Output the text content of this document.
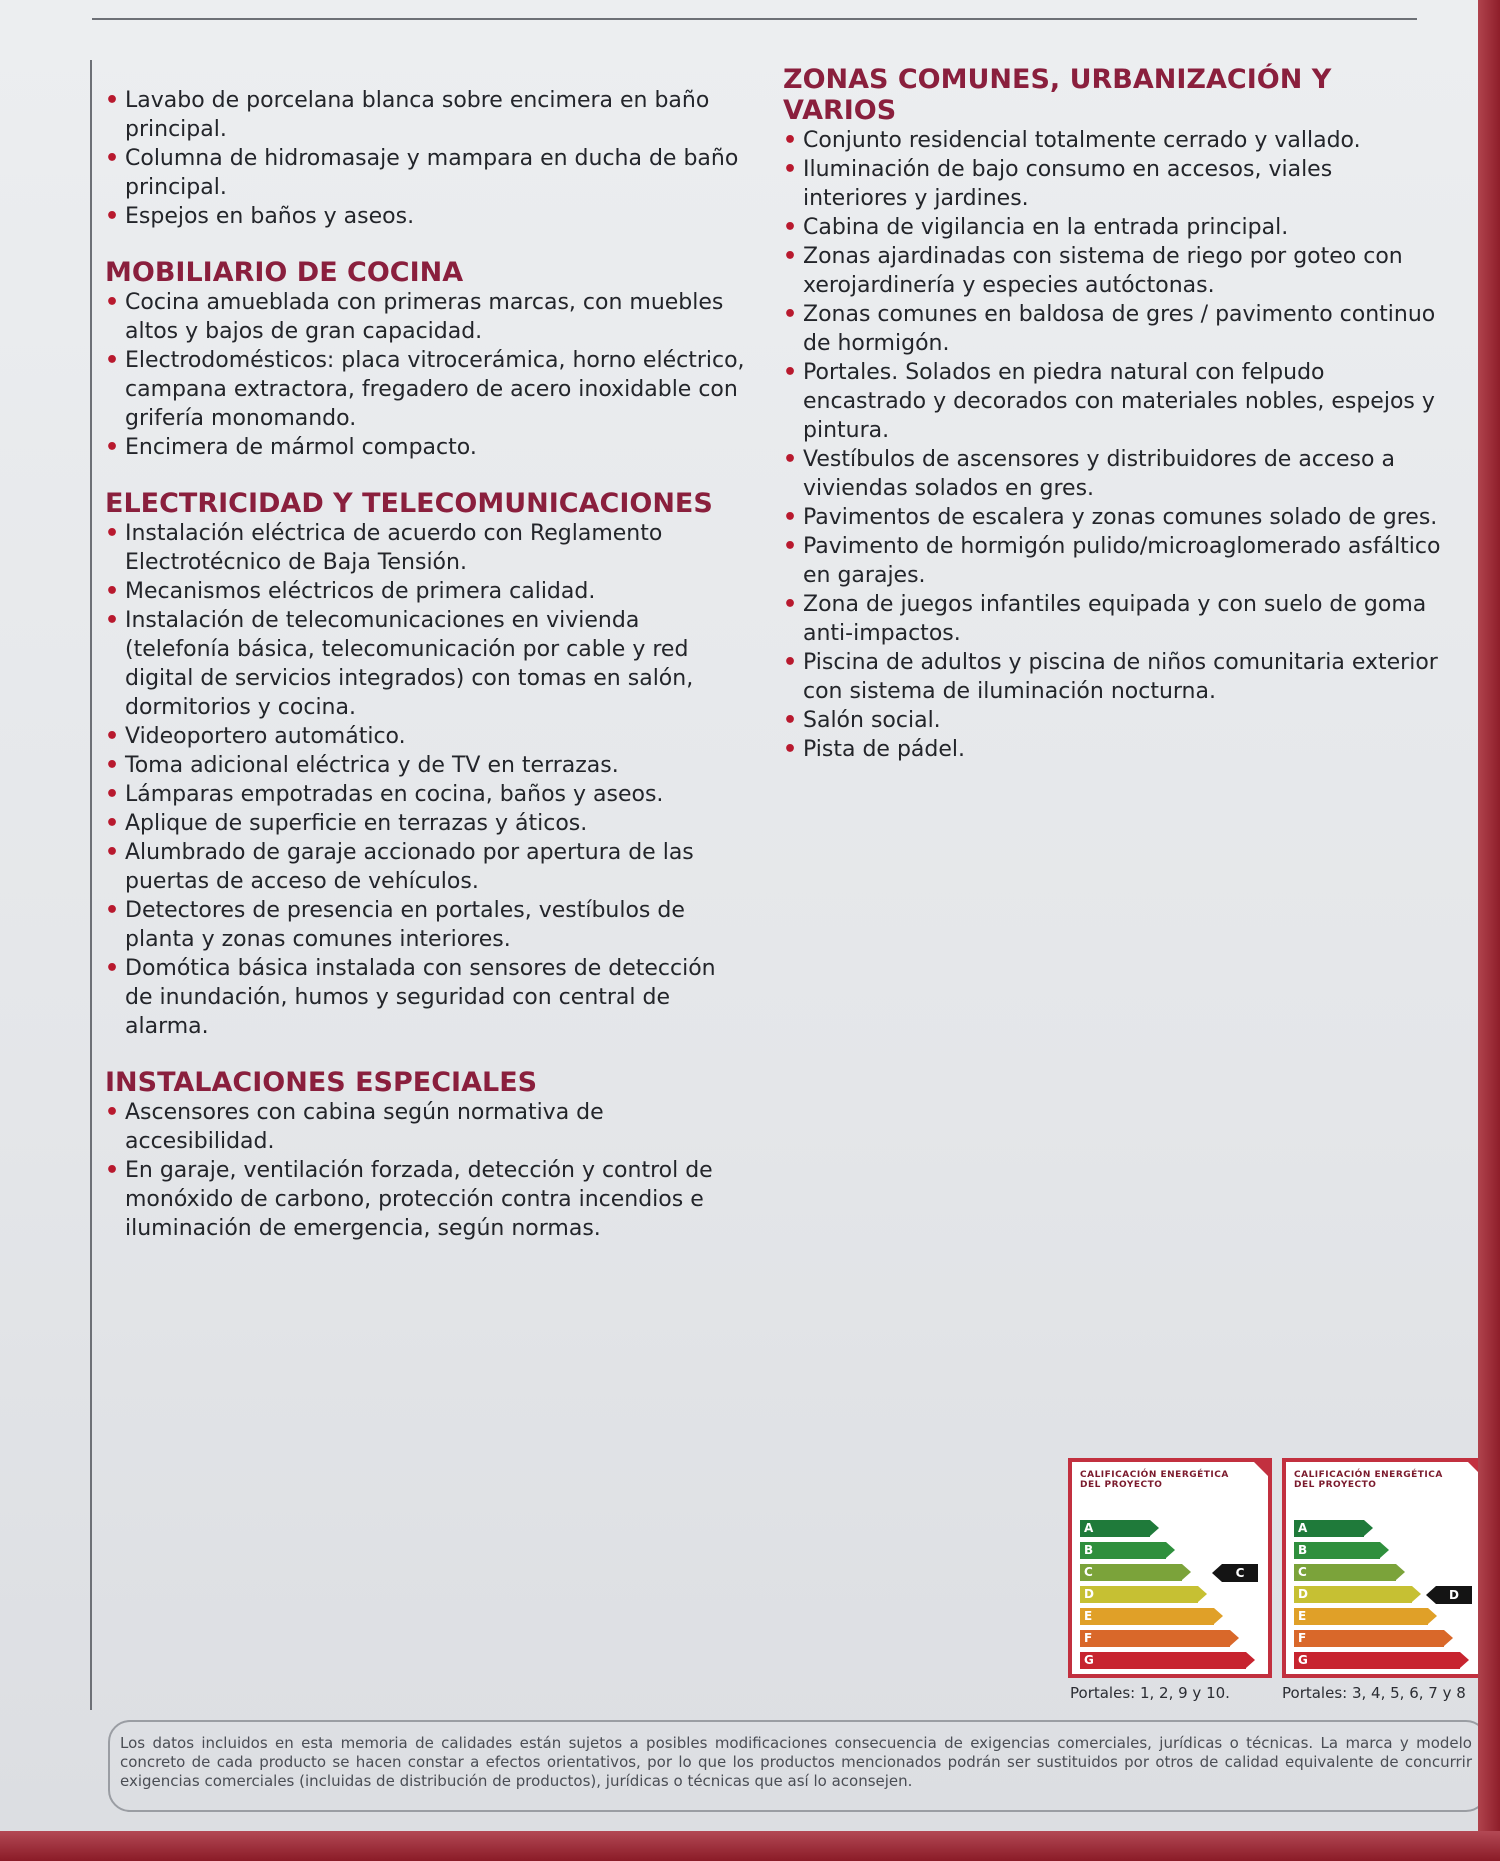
• Lavabo de porcelana blanca sobre encimera en baño principal.
• Columna de hidromasaje y mampara en ducha de baño principal.
• Espejos en baños y aseos.
MOBILIARIO DE COCINA
• Cocina amueblada con primeras marcas, con muebles altos y bajos de gran capacidad.
• Electrodomésticos: placa vitrocerámica, horno eléctrico, campana extractora, fregadero de acero inoxidable con grifería monomando.
• Encimera de mármol compacto.
ELECTRICIDAD Y TELECOMUNICACIONES
• Instalación eléctrica de acuerdo con Reglamento Electrotécnico de Baja Tensión.
• Mecanismos eléctricos de primera calidad.
• Instalación de telecomunicaciones en vivienda (telefonía básica, telecomunicación por cable y red digital de servicios integrados) con tomas en salón, dormitorios y cocina.
• Videoportero automático.
• Toma adicional eléctrica y de TV en terrazas.
• Lámparas empotradas en cocina, baños y aseos.
• Aplique de superficie en terrazas y áticos.
• Alumbrado de garaje accionado por apertura de las puertas de acceso de vehículos.
• Detectores de presencia en portales, vestíbulos de planta y zonas comunes interiores.
• Domótica básica instalada con sensores de detección de inundación, humos y seguridad con central de alarma.
INSTALACIONES ESPECIALES
• Ascensores con cabina según normativa de accesibilidad.
• En garaje, ventilación forzada, detección y control de monóxido de carbono, protección contra incendios e iluminación de emergencia, según normas.
ZONAS COMUNES, URBANIZACIÓN Y VARIOS
• Conjunto residencial totalmente cerrado y vallado.
• Iluminación de bajo consumo en accesos, viales interiores y jardines.
• Cabina de vigilancia en la entrada principal.
• Zonas ajardinadas con sistema de riego por goteo con xerojardinería y especies autóctonas.
• Zonas comunes en baldosa de gres / pavimento continuo de hormigón.
• Portales. Solados en piedra natural con felpudo encastrado y decorados con materiales nobles, espejos y pintura.
• Vestíbulos de ascensores y distribuidores de acceso a viviendas solados en gres.
• Pavimentos de escalera y zonas comunes solado de gres.
• Pavimento de hormigón pulido/microaglomerado asfáltico en garajes.
• Zona de juegos infantiles equipada y con suelo de goma anti-impactos.
• Piscina de adultos y piscina de niños comunitaria exterior con sistema de iluminación nocturna.
• Salón social.
• Pista de pádel.
CALIFICACIÓN ENERGÉTICA
DEL PROYECTO
A
B
C
D
E
F
G
C
CALIFICACIÓN ENERGÉTICA
DEL PROYECTO
A
B
C
D
E
F
G
D
Portales: 1, 2, 9 y 10.	Portales: 3, 4, 5, 6, 7 y 8
Los datos incluidos en esta memoria de calidades están sujetos a posibles modificaciones consecuencia de exigencias comerciales, jurídicas o técnicas. La marca y modelo concreto de cada producto se hacen constar a efectos orientativos, por lo que los productos mencionados podrán ser sustituidos por otros de calidad equivalente de concurrir exigencias comerciales (incluidas de distribución de productos), jurídicas o técnicas que así lo aconsejen.
